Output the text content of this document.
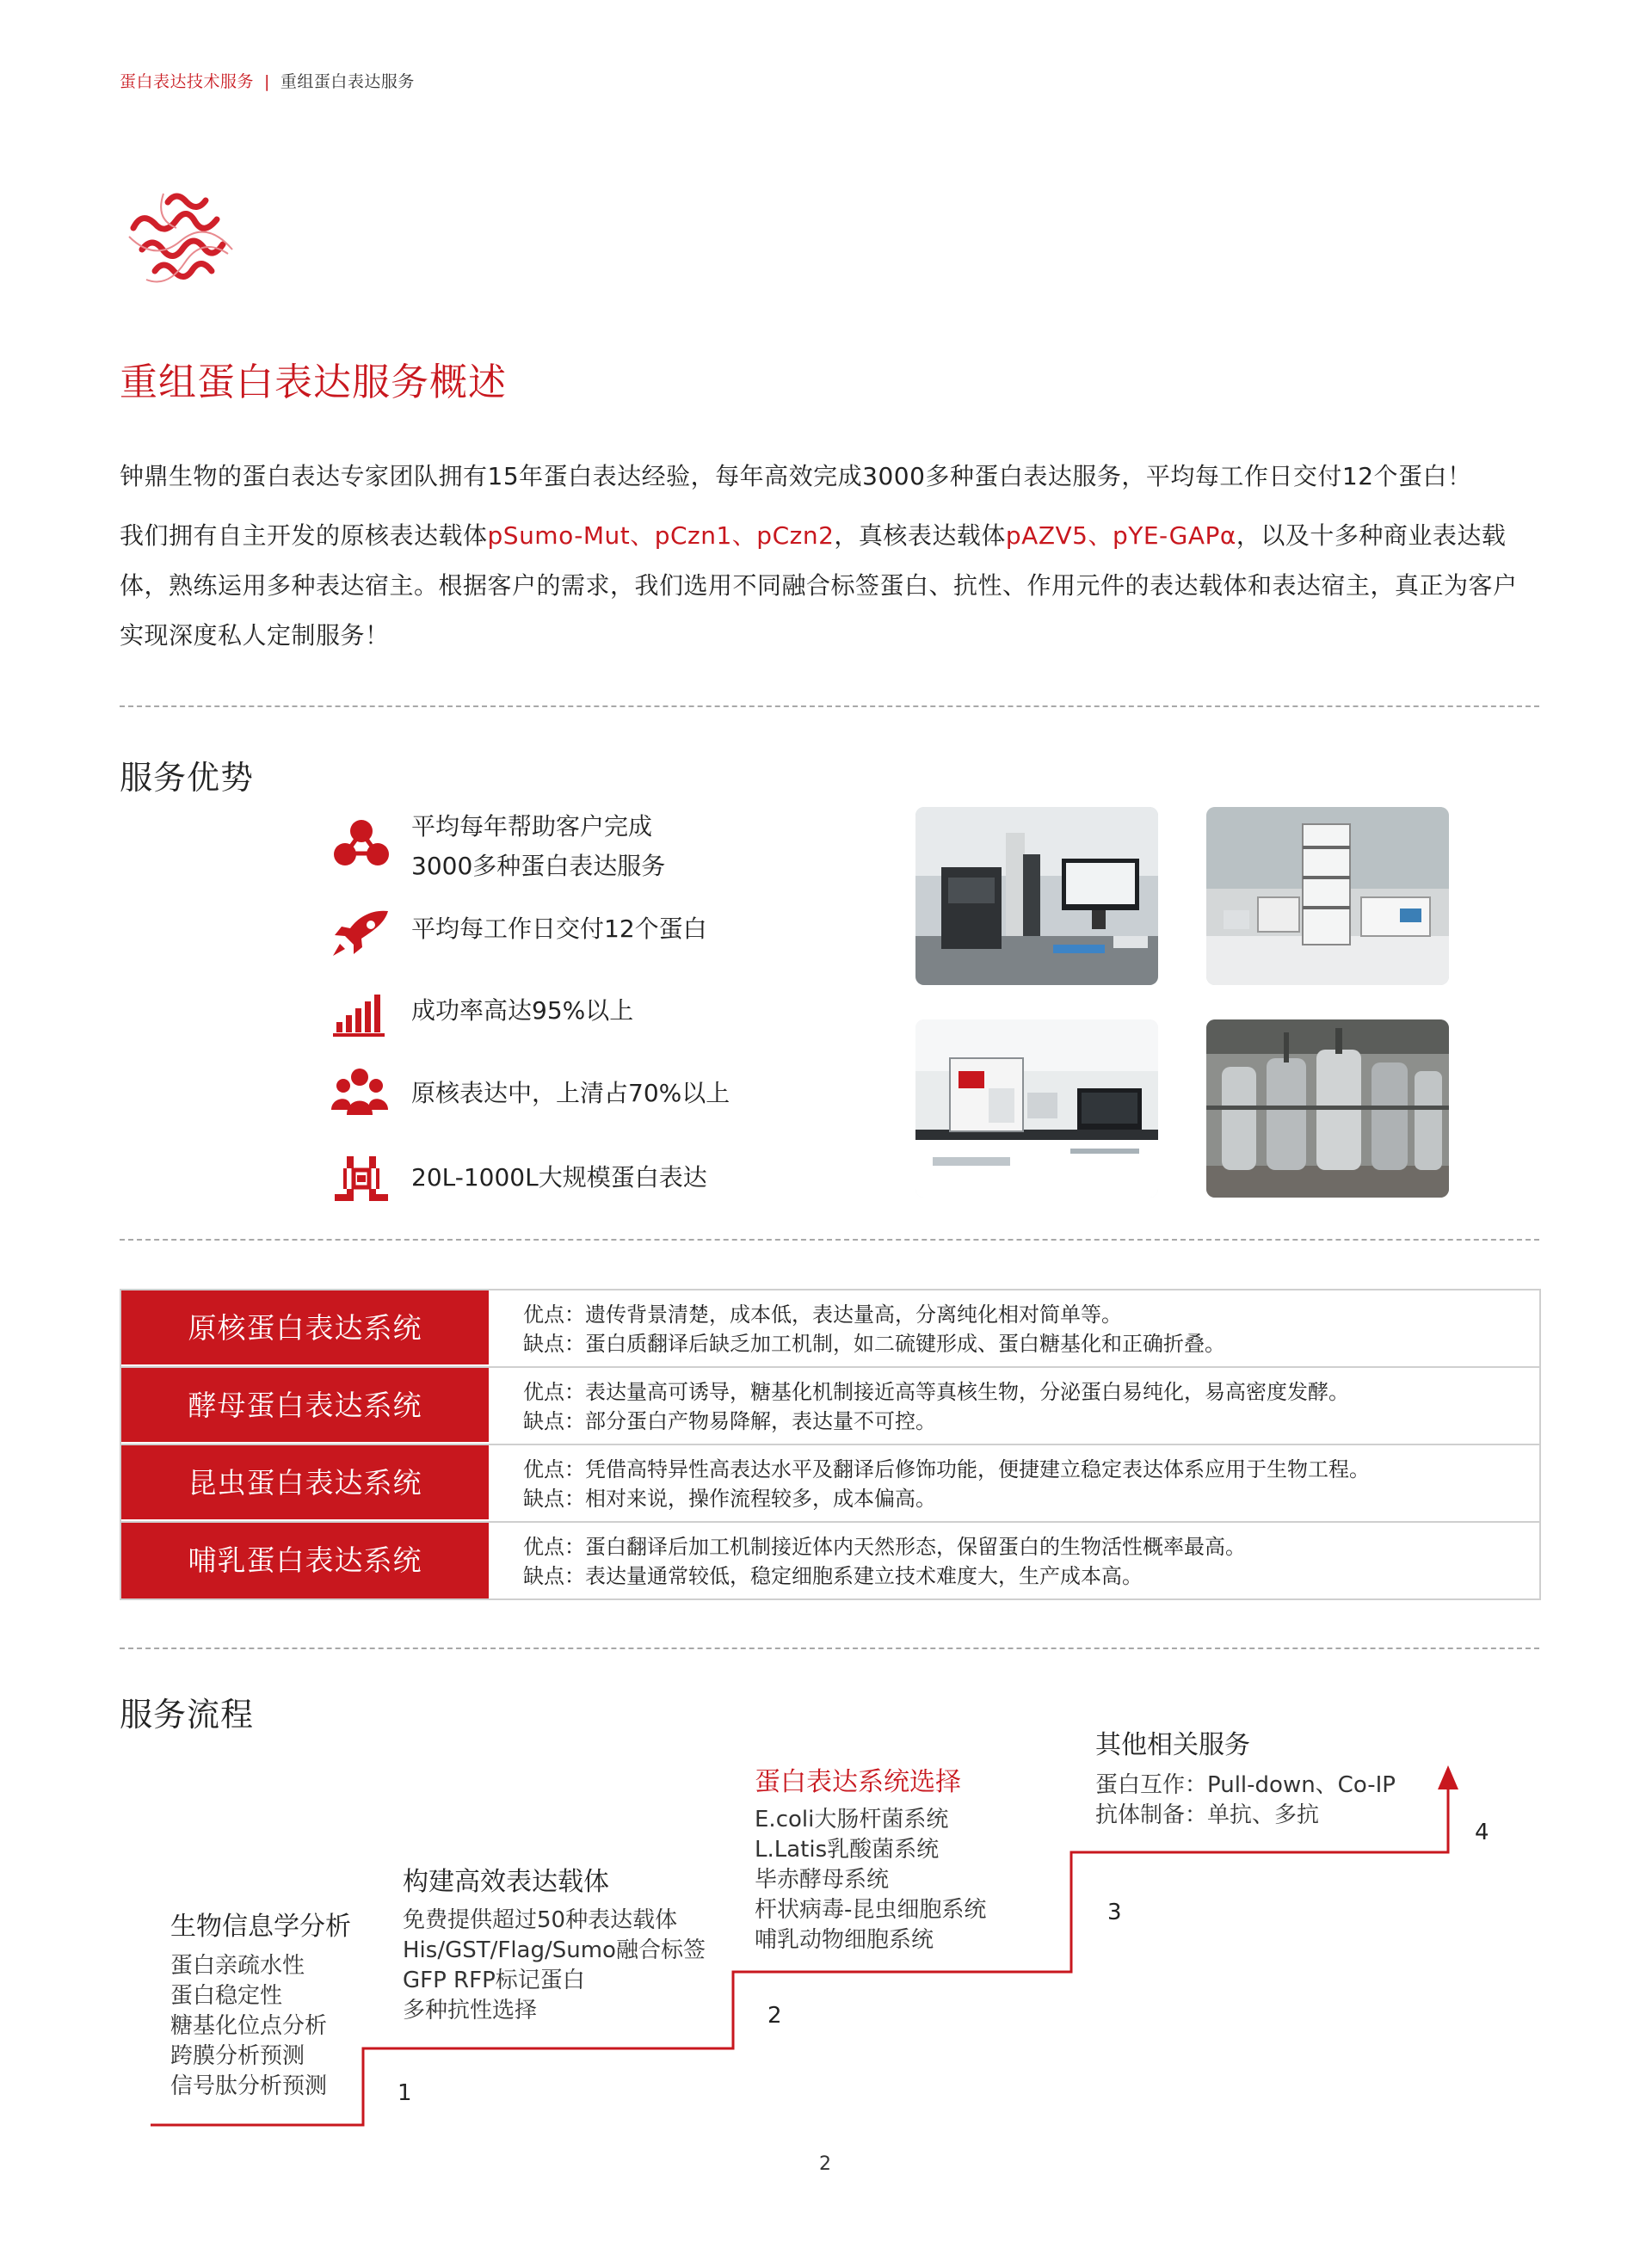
蛋白表达技术服务 | 重组蛋白表达服务
重组蛋白表达服务概述
钟鼎生物的蛋白表达专家团队拥有15年蛋白表达经验，每年高效完成3000多种蛋白表达服务，平均每工作日交付12个蛋白！
我们拥有自主开发的原核表达载体pSumo-Mut、pCzn1、pCzn2，真核表达载体pAZV5、pYE-GAPα，以及十多种商业表达载体，熟练运用多种表达宿主。根据客户的需求，我们选用不同融合标签蛋白、抗性、作用元件的表达载体和表达宿主，真正为客户实现深度私人定制服务！
服务优势
平均每年帮助客户完成
3000多种蛋白表达服务
平均每工作日交付12个蛋白
成功率高达95%以上
原核表达中，上清占70%以上
20L-1000L大规模蛋白表达
原核蛋白表达系统	优点：遗传背景清楚，成本低，表达量高，分离纯化相对简单等。
缺点：蛋白质翻译后缺乏加工机制，如二硫键形成、蛋白糖基化和正确折叠。
酵母蛋白表达系统	优点：表达量高可诱导，糖基化机制接近高等真核生物，分泌蛋白易纯化，易高密度发酵。
缺点：部分蛋白产物易降解，表达量不可控。
昆虫蛋白表达系统	优点：凭借高特异性高表达水平及翻译后修饰功能，便捷建立稳定表达体系应用于生物工程。
缺点：相对来说，操作流程较多，成本偏高。
哺乳蛋白表达系统	优点：蛋白翻译后加工机制接近体内天然形态，保留蛋白的生物活性概率最高。
缺点：表达量通常较低，稳定细胞系建立技术难度大，生产成本高。
服务流程
生物信息学分析
蛋白亲疏水性
蛋白稳定性
糖基化位点分析
跨膜分析预测
信号肽分析预测	1
构建高效表达载体
免费提供超过50种表达载体
His/GST/Flag/Sumo融合标签
GFP RFP标记蛋白
多种抗性选择	2
蛋白表达系统选择
E.coli大肠杆菌系统
L.Latis乳酸菌系统
毕赤酵母系统
杆状病毒-昆虫细胞系统
哺乳动物细胞系统
3
其他相关服务
蛋白互作：Pull-down、Co-IP
抗体制备：单抗、多抗
4
2
